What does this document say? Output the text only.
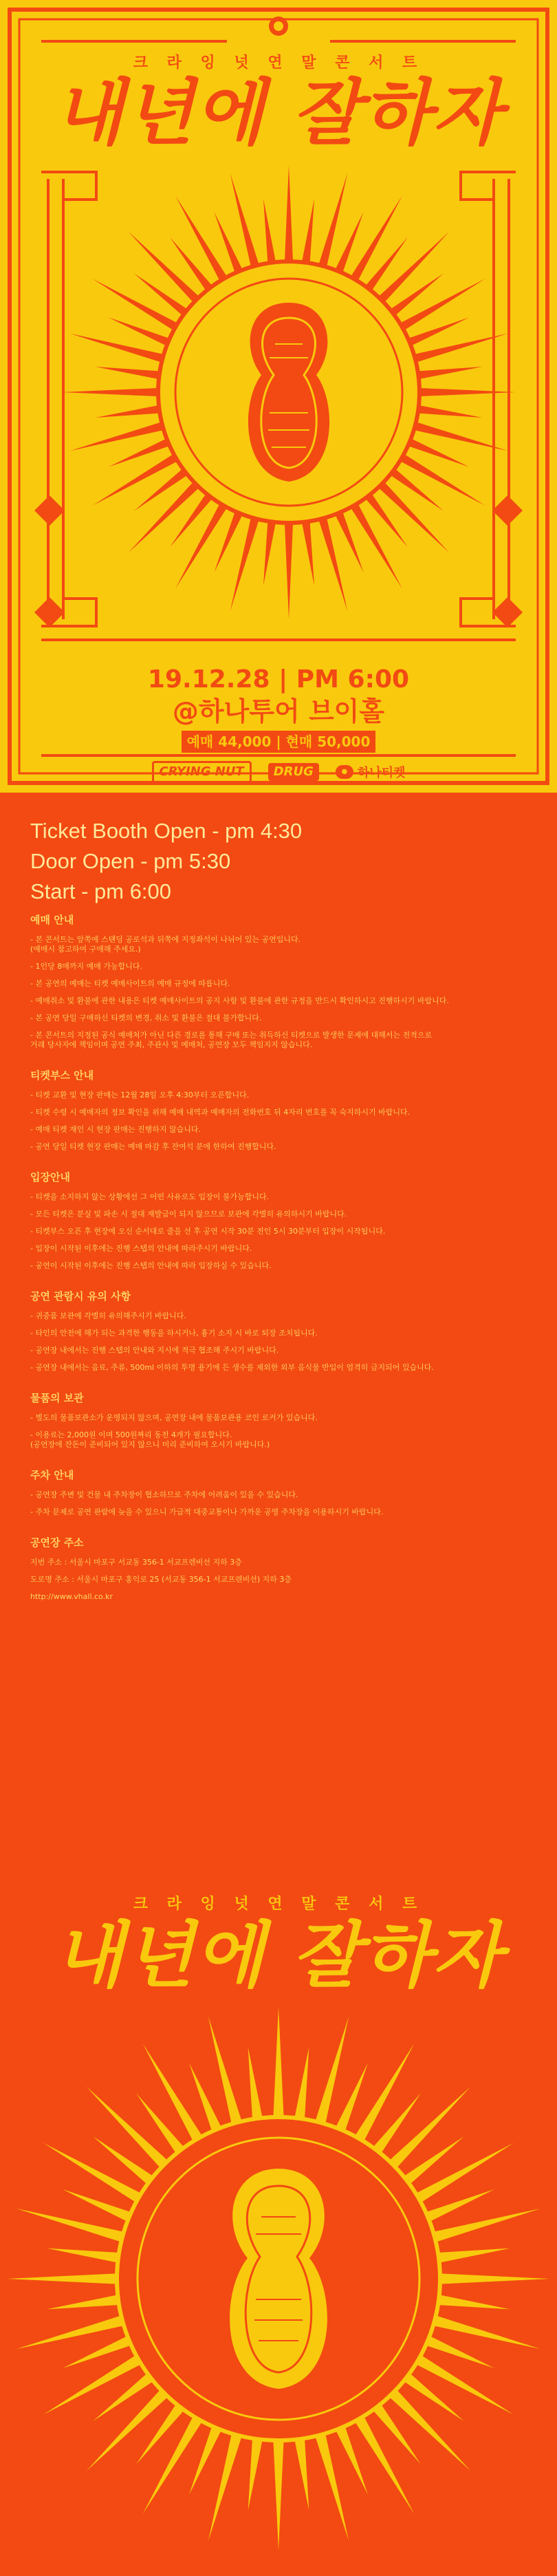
크 라 잉 넛 연 말 콘 서 트
내년에 잘하자
19.12.28 | PM 6:00
@하나투어 브이홀
예매 44,000 | 현매 50,000
CRYING NUT	DRUG	● 하나티켓
Ticket Booth Open - pm 4:30
Door Open - pm 5:30
Start - pm 6:00
예매 안내
- 본 콘서트는 앞쪽에 스탠딩 공로석과 뒤쪽에 지정좌석이 나뉘어 있는 공연입니다.
(예매시 참고하여 구매해 주세요.)
- 1인당 8매까지 예매 가능합니다.
- 본 공연의 예매는 티켓 예매사이트의 예매 규정에 따릅니다.
- 예매취소 및 환불에 관한 내용은 티켓 예매사이트의 공지 사항 및 환불에 관한 규정을 반드시 확인하시고 진행하시기 바랍니다.
- 본 공연 당일 구매하신 티켓의 변경, 취소 및 환불은 절대 불가합니다.
- 본 콘서트의 지정된 공식 예매처가 아닌 다른 경로를 통해 구매 또는 취득하신 티켓으로 발생한 문제에 대해서는 전적으로
거래 당사자에 책임이며 공연 주최, 주관사 및 예매처, 공연장 모두 책임지지 않습니다.
티켓부스 안내
- 티켓 교환 및 현장 판매는 12월 28일 오후 4:30부터 오픈합니다.
- 티켓 수령 시 예매자의 정보 확인을 위해 예매 내역과 예매자의 전화번호 뒤 4자리 번호를 꼭 숙지하시기 바랍니다.
- 예매 티켓 재인 시 현장 판매는 진행하지 않습니다.
- 공연 당일 티켓 현장 판매는 예매 마감 후 잔여석 분에 한하여 진행합니다.
입장안내
- 티켓을 소지하지 않는 상황에선 그 어떤 사유로도 입장이 불가능합니다.
- 모든 티켓은 분실 및 파손 시 절대 재발급이 되지 않으므로 보관에 각별히 유의하시기 바랍니다.
- 티켓부스 오픈 후 현장에 오신 순서대로 줄을 선 후 공연 시작 30분 전인 5시 30분부터 입장이 시작됩니다.
- 입장이 시작된 이후에는 진행 스텝의 안내에 따라주시기 바랍니다.
- 공연이 시작된 이후에는 진행 스텝의 안내에 따라 입장하실 수 있습니다.
공연 관람시 유의 사항
- 귀중품 보관에 각별히 유의해주시기 바랍니다.
- 타인의 안전에 해가 되는 과격한 행동을 하시거나, 흉기 소지 시 바로 퇴장 조치됩니다.
- 공연장 내에서는 진행 스텝의 안내와 지시에 적극 협조해 주시기 바랍니다.
- 공연장 내에서는 음료, 주류, 500ml 이하의 투명 용기에 든 생수를 제외한 외부 음식물 반입이 엄격히 금지되어 있습니다.
물품의 보관
- 별도의 물품보관소가 운영되지 않으며, 공연장 내에 물품보관용 코인 로커가 있습니다.
- 이용료는 2,000원 이며 500원짜리 동전 4개가 필요합니다.
(공연장에 잔돈이 준비되어 있지 않으니 미리 준비하여 오시기 바랍니다.)
주차 안내
- 공연장 주변 및 건물 내 주차장이 협소하므로 주차에 어려움이 있을 수 있습니다.
- 주차 문제로 공연 관람에 늦을 수 있으니 가급적 대중교통이나 가까운 공영 주차장을 이용하시기 바랍니다.
공연장 주소
지번 주소 : 서울시 마포구 서교동 356-1 서교프렌비선 지하 3층
도로명 주소 : 서울시 마포구 홍익로 25 (서교동 356-1 서교프렌비선) 지하 3층
http://www.vhall.co.kr
크 라 잉 넛 연 말 콘 서 트
내년에 잘하자
